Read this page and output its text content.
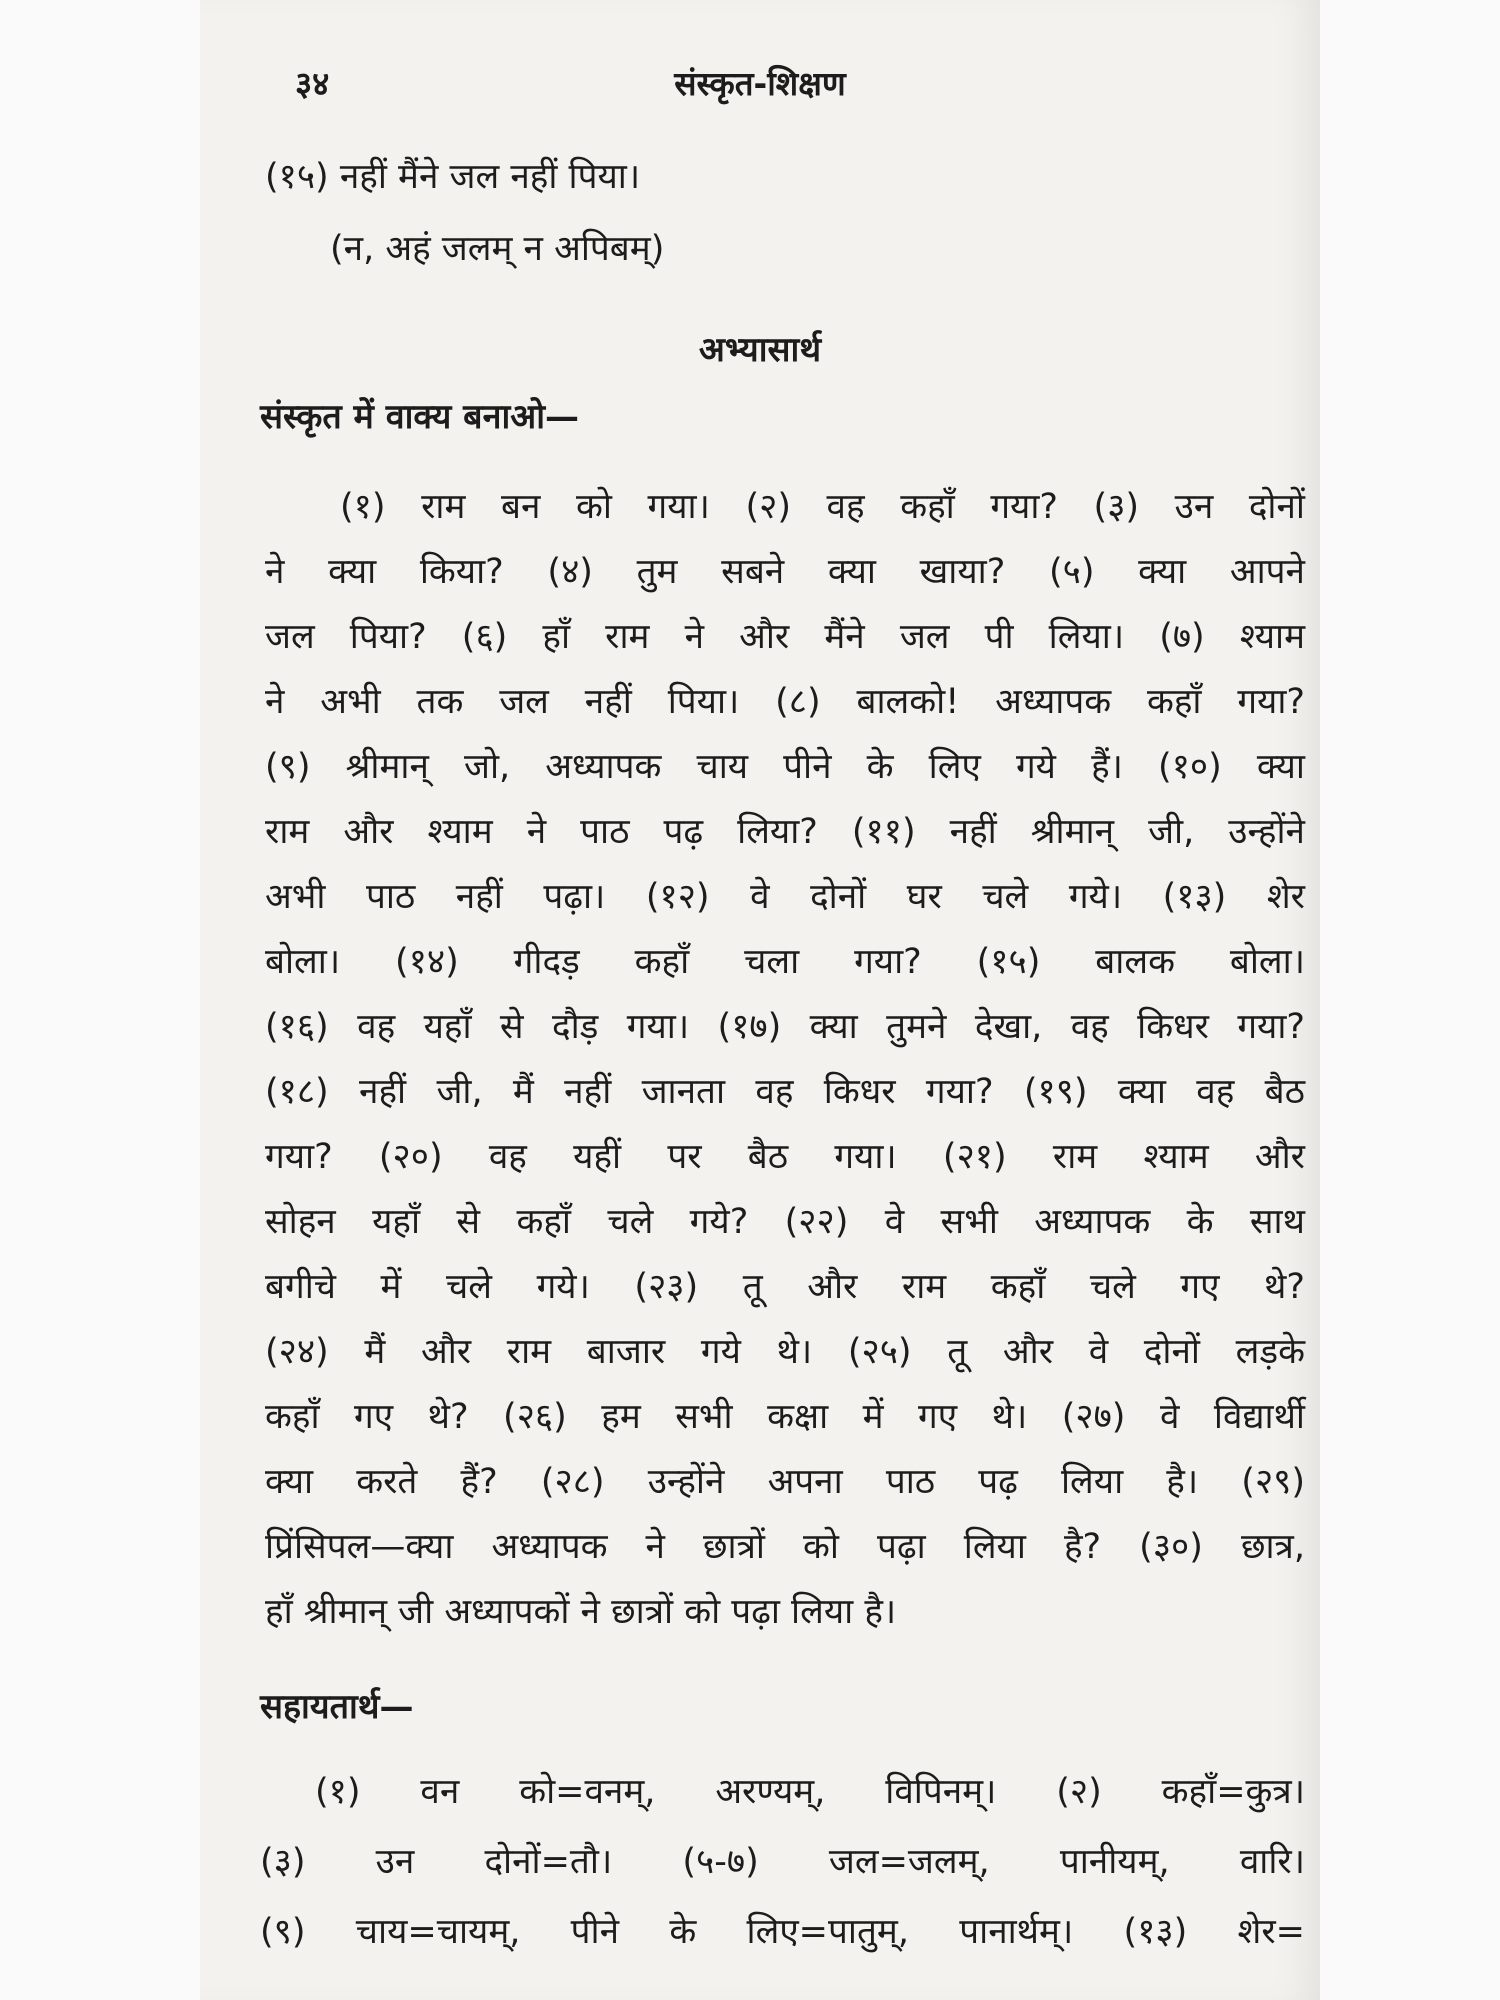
३४	संस्कृत-शिक्षण
(१५) नहीं मैंने जल नहीं पिया।
(न, अहं जलम् न अपिबम्)
अभ्यासार्थ
संस्कृत में वाक्य बनाओ—
(१) राम बन को गया। (२) वह कहाँ गया? (३) उन दोनों
ने क्या किया? (४) तुम सबने क्या खाया? (५) क्या आपने
जल पिया? (६) हाँ राम ने और मैंने जल पी लिया। (७) श्याम
ने अभी तक जल नहीं पिया। (८) बालको! अध्यापक कहाँ गया?
(९) श्रीमान् जो, अध्यापक चाय पीने के लिए गये हैं। (१०) क्या
राम और श्याम ने पाठ पढ़ लिया? (११) नहीं श्रीमान् जी, उन्होंने
अभी पाठ नहीं पढ़ा। (१२) वे दोनों घर चले गये। (१३) शेर
बोला। (१४) गीदड़ कहाँ चला गया? (१५) बालक बोला।
(१६) वह यहाँ से दौड़ गया। (१७) क्या तुमने देखा, वह किधर गया?
(१८) नहीं जी, मैं नहीं जानता वह किधर गया? (१९) क्या वह बैठ
गया? (२०) वह यहीं पर बैठ गया। (२१) राम श्याम और
सोहन यहाँ से कहाँ चले गये? (२२) वे सभी अध्यापक के साथ
बगीचे में चले गये। (२३) तू और राम कहाँ चले गए थे?
(२४) मैं और राम बाजार गये थे। (२५) तू और वे दोनों लड़के
कहाँ गए थे? (२६) हम सभी कक्षा में गए थे। (२७) वे विद्यार्थी
क्या करते हैं? (२८) उन्होंने अपना पाठ पढ़ लिया है। (२९)
प्रिंसिपल—क्या अध्यापक ने छात्रों को पढ़ा लिया है? (३०) छात्र,
हाँ श्रीमान् जी अध्यापकों ने छात्रों को पढ़ा लिया है।
सहायतार्थ—
(१) वन को=वनम्, अरण्यम्, विपिनम्। (२) कहाँ=कुत्र।
(३) उन दोनों=तौ। (५-७) जल=जलम्, पानीयम्, वारि।
(९) चाय=चायम्, पीने के लिए=पातुम्, पानार्थम्। (१३) शेर=
